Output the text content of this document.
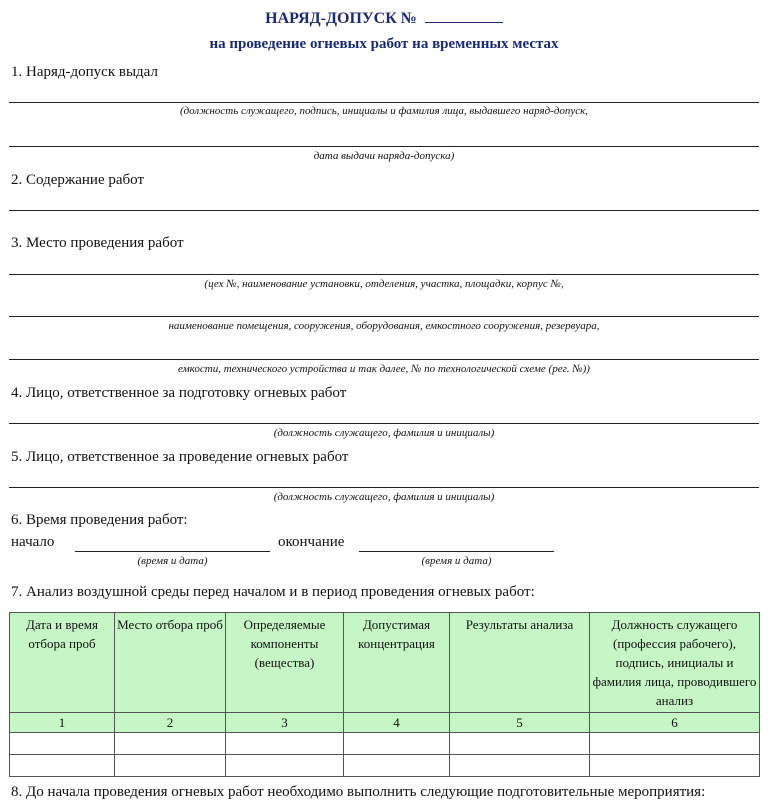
НАРЯД-ДОПУСК №
на проведение огневых работ на временных местах
1. Наряд-допуск выдал
(должность служащего, подпись, инициалы и фамилия лица, выдавшего наряд-допуск,
дата выдачи наряда-допуска)
2. Содержание работ
3. Место проведения работ
(цех №, наименование установки, отделения, участка, площадки, корпус №,
наименование помещения, сооружения, оборудования, емкостного сооружения, резервуара,
емкости, технического устройства и так далее, № по технологической схеме (рег. №))
4. Лицо, ответственное за подготовку огневых работ
(должность служащего, фамилия и инициалы)
5. Лицо, ответственное за проведение огневых работ
(должность служащего, фамилия и инициалы)
6. Время проведения работ:
начало
(время и дата)
окончание
(время и дата)
7. Анализ воздушной среды перед началом и в период проведения огневых работ:
Дата и время отбора проб	Место отбора проб	Определяемые компоненты (вещества)	Допустимая концентрация	Результаты анализа	Должность служащего (профессия рабочего), подпись, инициалы и фамилия лица, проводившего анализ
1	2	3	4	5	6

8. До начала проведения огневых работ необходимо выполнить следующие подготовительные мероприятия:
